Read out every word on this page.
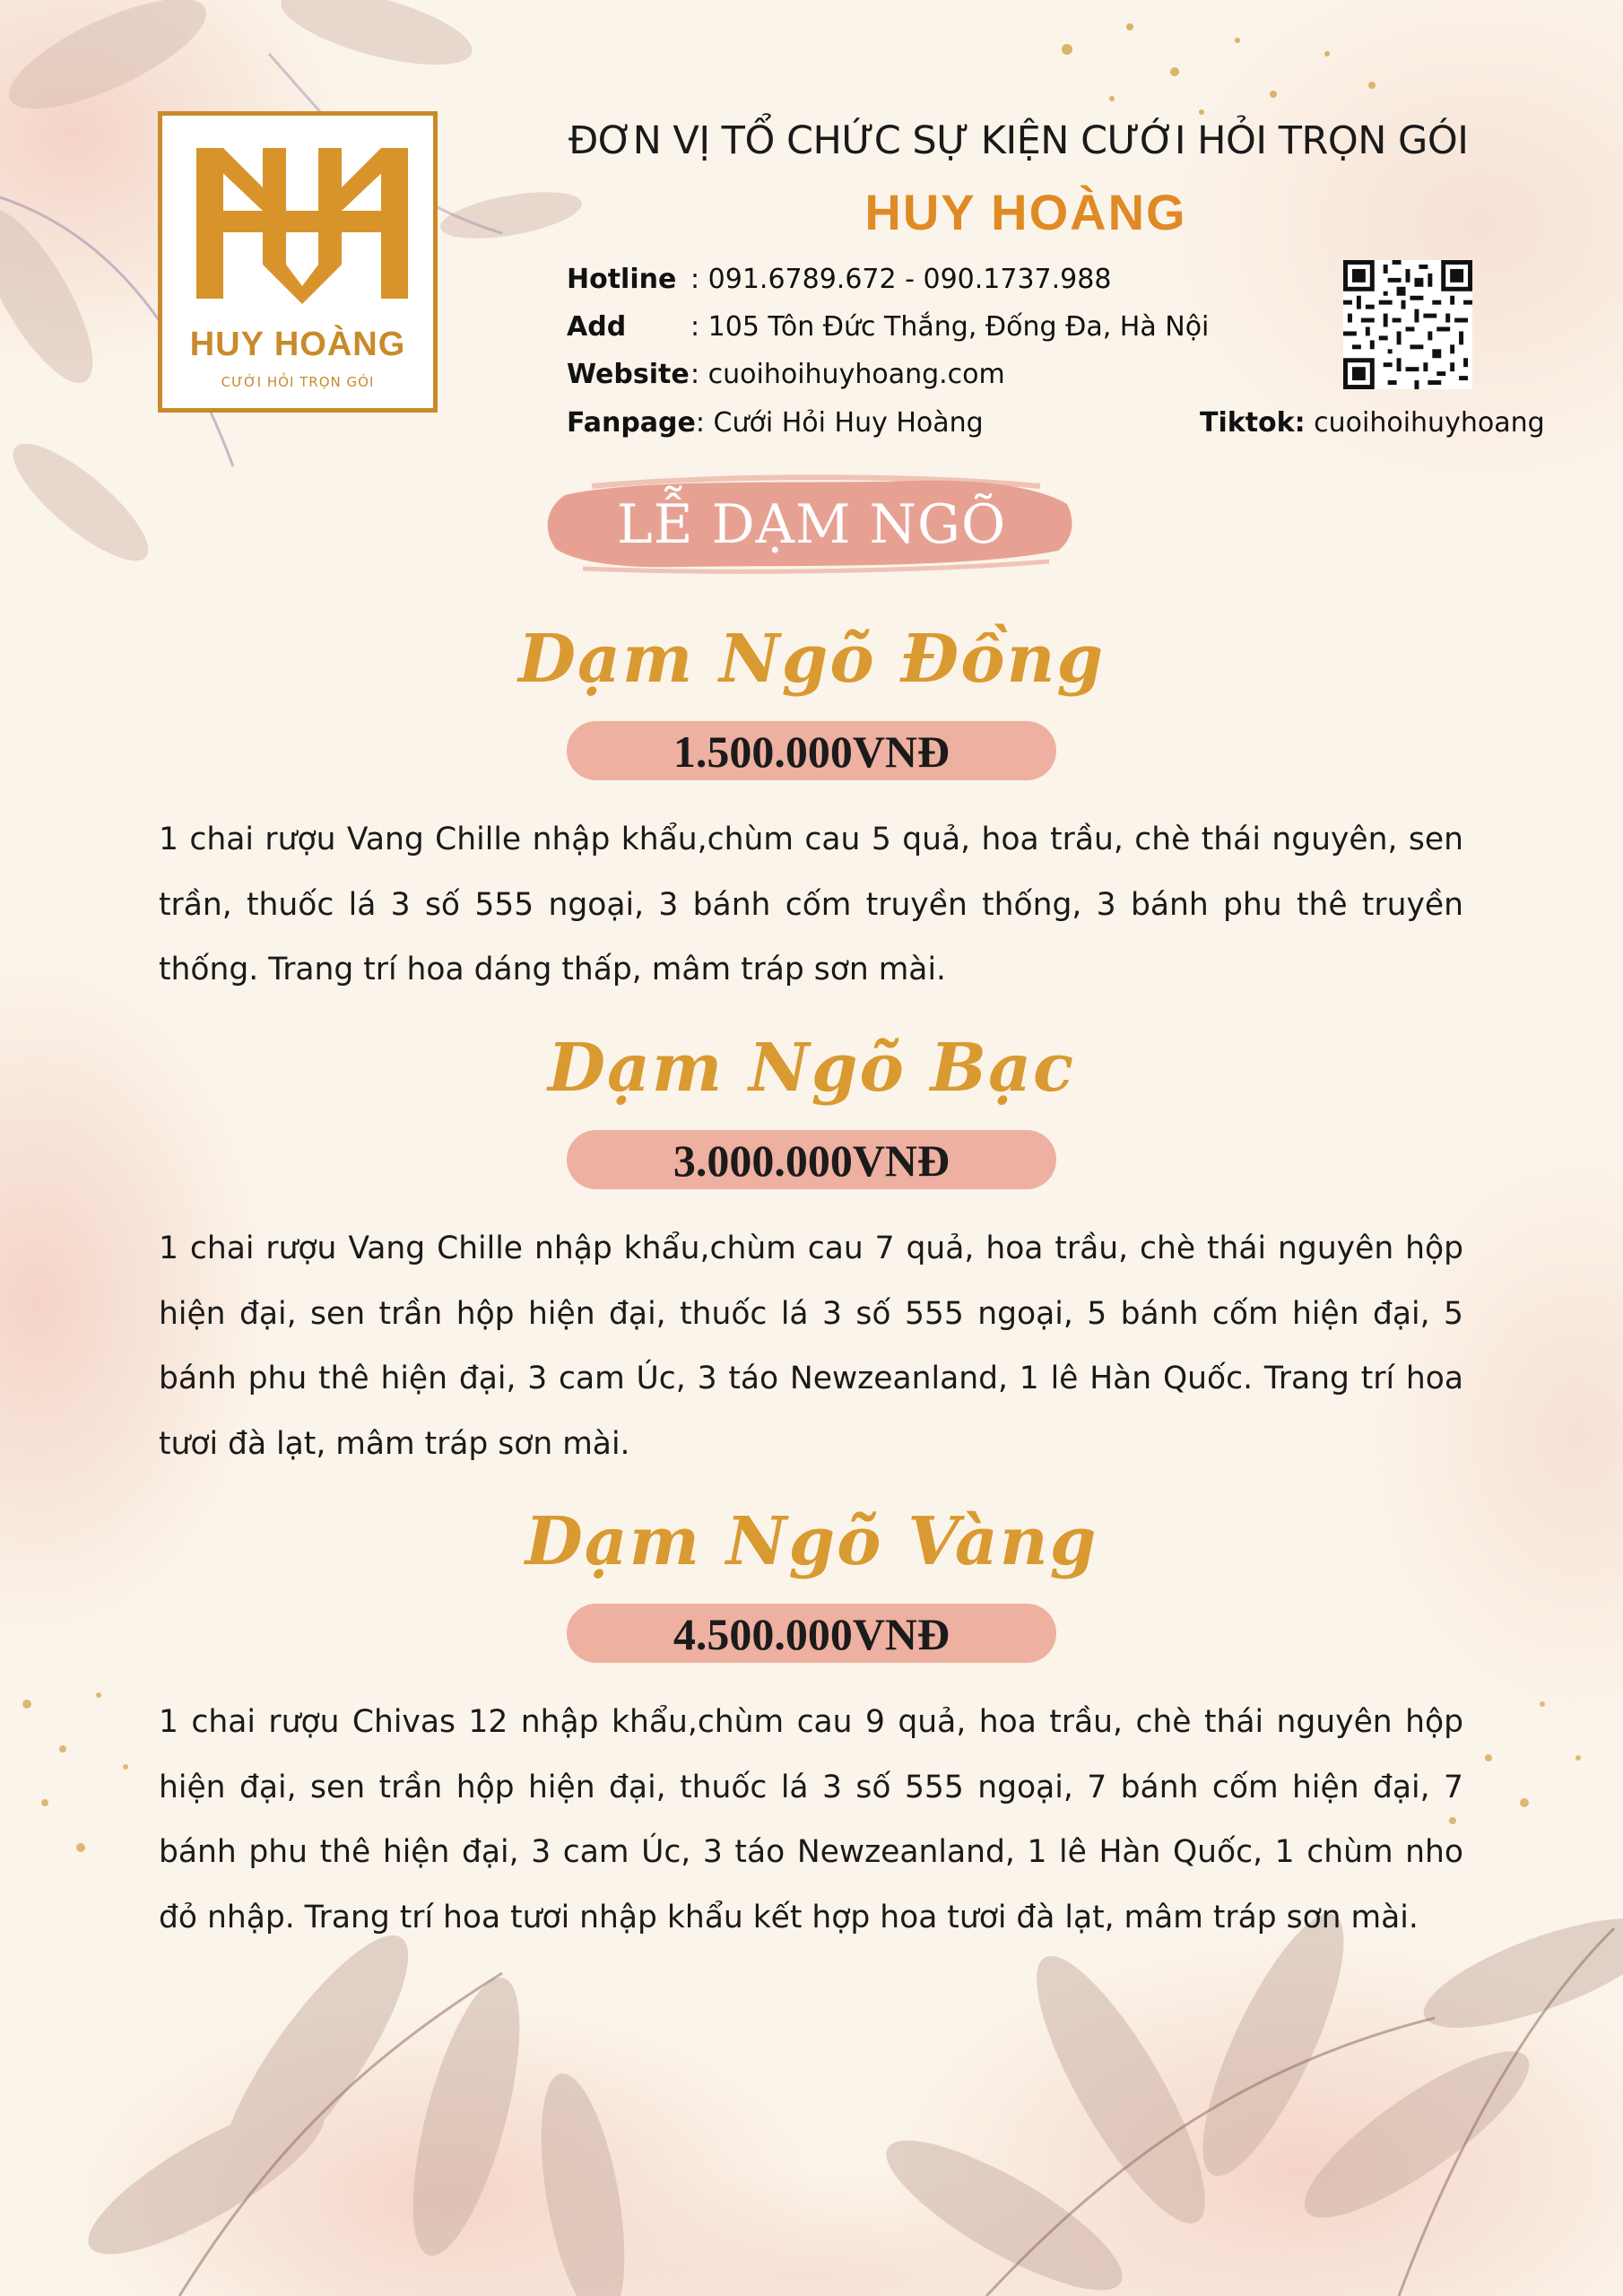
HUY HOÀNG
CƯỚI HỎI TRỌN GÓI
ĐƠN VỊ TỔ CHỨC SỰ KIỆN CƯỚI HỎI TRỌN GÓI
HUY HOÀNG
Hotline : 091.6789.672 - 090.1737.988
Add : 105 Tôn Đức Thắng, Đống Đa, Hà Nội
Website: cuoihoihuyhoang.com
Fanpage: Cưới Hỏi Huy Hoàng	Tiktok: cuoihoihuyhoang
LỄ DẠM NGÕ
Dạm Ngõ Đồng
1.500.000VNĐ
1 chai rượu Vang Chille nhập khẩu,chùm cau 5 quả, hoa trầu, chè thái nguyên, sen trần, thuốc lá 3 số 555 ngoại, 3 bánh cốm truyền thống, 3 bánh phu thê truyền thống. Trang trí hoa dáng thấp, mâm tráp sơn mài.
Dạm Ngõ Bạc
3.000.000VNĐ
1 chai rượu Vang Chille nhập khẩu,chùm cau 7 quả, hoa trầu, chè thái nguyên hộp hiện đại, sen trần hộp hiện đại, thuốc lá 3 số 555 ngoại, 5 bánh cốm hiện đại, 5 bánh phu thê hiện đại, 3 cam Úc, 3 táo Newzeanland, 1 lê Hàn Quốc. Trang trí hoa tươi đà lạt, mâm tráp sơn mài.
Dạm Ngõ Vàng
4.500.000VNĐ
1 chai rượu Chivas 12 nhập khẩu,chùm cau 9 quả, hoa trầu, chè thái nguyên hộp hiện đại, sen trần hộp hiện đại, thuốc lá 3 số 555 ngoại, 7 bánh cốm hiện đại, 7 bánh phu thê hiện đại, 3 cam Úc, 3 táo Newzeanland, 1 lê Hàn Quốc, 1 chùm nho đỏ nhập. Trang trí hoa tươi nhập khẩu kết hợp hoa tươi đà lạt, mâm tráp sơn mài.
